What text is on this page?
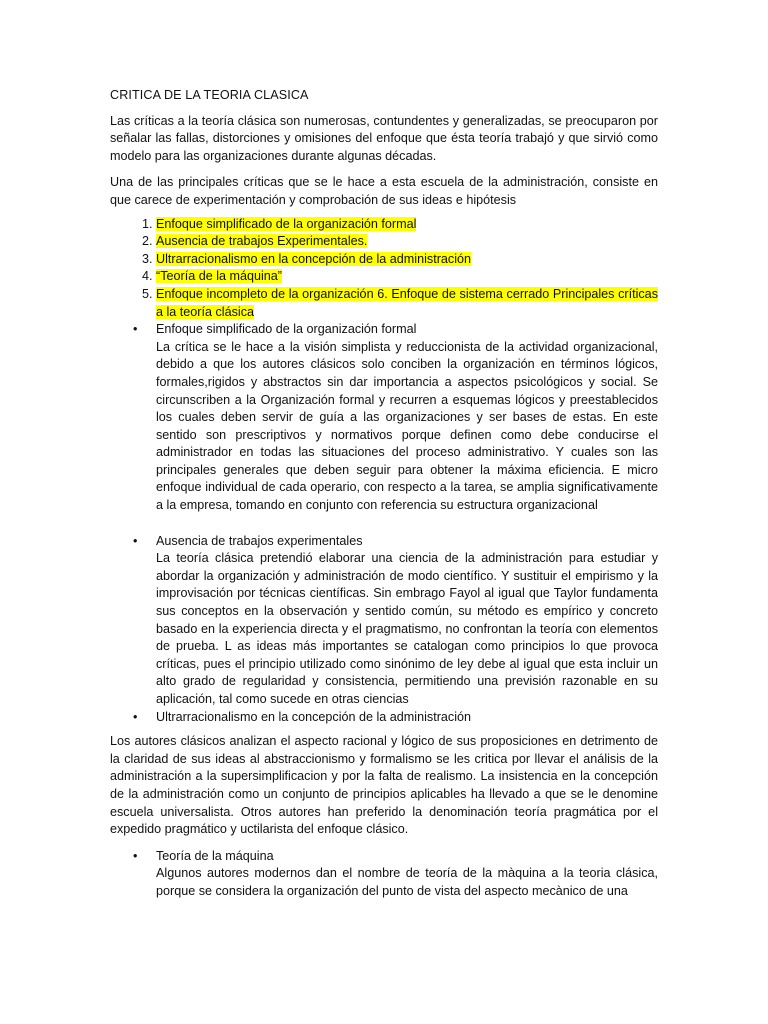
CRITICA DE LA TEORIA CLASICA

Las críticas a la teoría clásica son numerosas, contundentes y generalizadas, se preocuparon por señalar las fallas, distorciones y omisiones del enfoque que ésta teoría trabajó y que sirvió como modelo para las organizaciones durante algunas décadas.

Una de las principales críticas que se le hace a esta escuela de la administración, consiste en que carece de experimentación y comprobación de sus ideas e hipótesis

1. Enfoque simplificado de la organización formal
2. Ausencia de trabajos Experimentales.
3. Ultrarracionalismo en la concepción de la administración
4. “Teoría de la máquina”
5. Enfoque incompleto de la organización 6. Enfoque de sistema cerrado Principales críticas a la teoría clásica
• Enfoque simplificado de la organización formal

La crítica se le hace a la visión simplista y reduccionista de la actividad organizacional, debido a que los autores clásicos solo conciben la organización en términos lógicos, formales,rigidos y abstractos sin dar importancia a aspectos psicológicos y social. Se circunscriben a la Organización formal y recurren a esquemas lógicos y preestablecidos los cuales deben servir de guía a las organizaciones y ser bases de estas. En este sentido son prescriptivos y normativos porque definen como debe conducirse el administrador en todas las situaciones del proceso administrativo. Y cuales son las principales generales que deben seguir para obtener la máxima eficiencia. E micro enfoque individual de cada operario, con respecto a la tarea, se amplia significativamente a la empresa, tomando en conjunto con referencia su estructura organizacional

• Ausencia de trabajos experimentales

La teoría clásica pretendió elaborar una ciencia de la administración para estudiar y abordar la organización y administración de modo científico. Y sustituir el empirismo y la improvisación por técnicas científicas. Sin embrago Fayol al igual que Taylor fundamenta sus conceptos en la observación y sentido común, su método es empírico y concreto basado en la experiencia directa y el pragmatismo, no confrontan la teoría con elementos de prueba. L as ideas más importantes se catalogan como principios lo que provoca críticas, pues el principio utilizado como sinónimo de ley debe al igual que esta incluir un alto grado de regularidad y consistencia, permitiendo una previsión razonable en su aplicación, tal como sucede en otras ciencias

• Ultrarracionalismo en la concepción de la administración

Los autores clásicos analizan el aspecto racional y lógico de sus proposiciones en detrimento de la claridad de sus ideas al abstraccionismo y formalismo se les critica por llevar el análisis de la administración a la supersimplificacion y por la falta de realismo. La insistencia en la concepción de la administración como un conjunto de principios aplicables ha llevado a que se le denomine escuela universalista. Otros autores han preferido la denominación teoría pragmática por el expedido pragmático y uctilarista del enfoque clásico.

• Teoría de la máquina

Algunos autores modernos dan el nombre de teoría de la màquina a la teoria clásica, porque se considera la organización del punto de vista del aspecto mecànico de una
